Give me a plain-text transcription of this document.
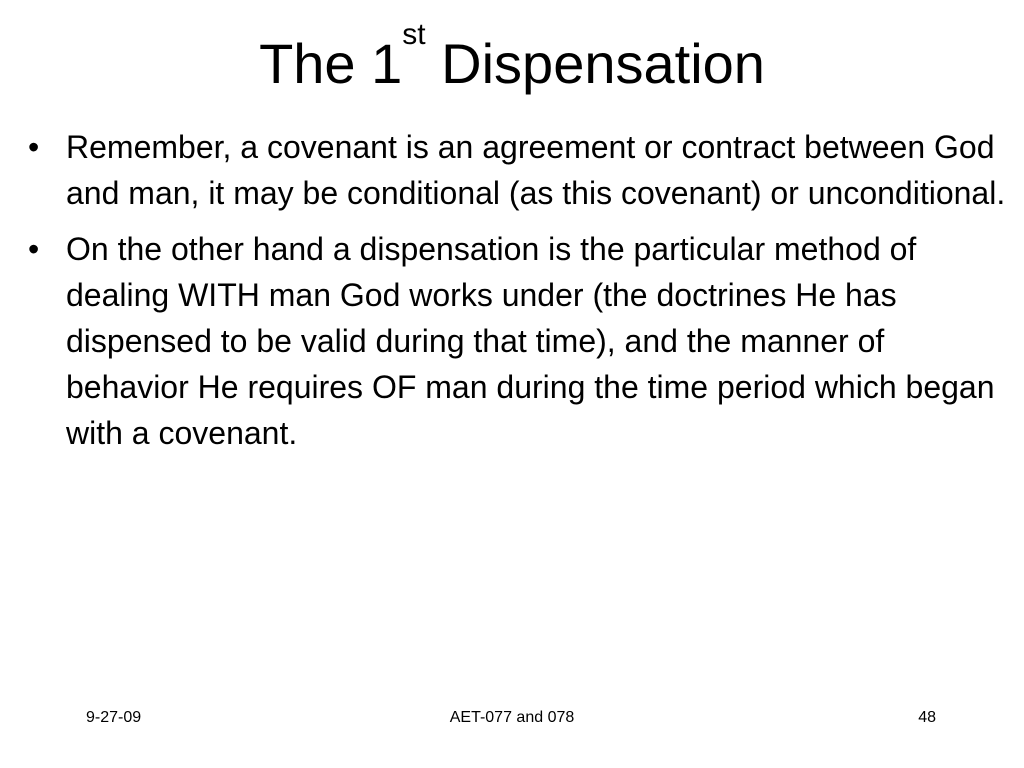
The 1st Dispensation
• Remember, a covenant is an agreement or contract between God and man, it may be conditional (as this covenant) or unconditional.
• On the other hand a dispensation is the particular method of dealing WITH man God works under (the doctrines He has dispensed to be valid during that time), and the manner of behavior He requires OF man during the time period which began with a covenant.
9-27-09	AET-077 and 078	48
